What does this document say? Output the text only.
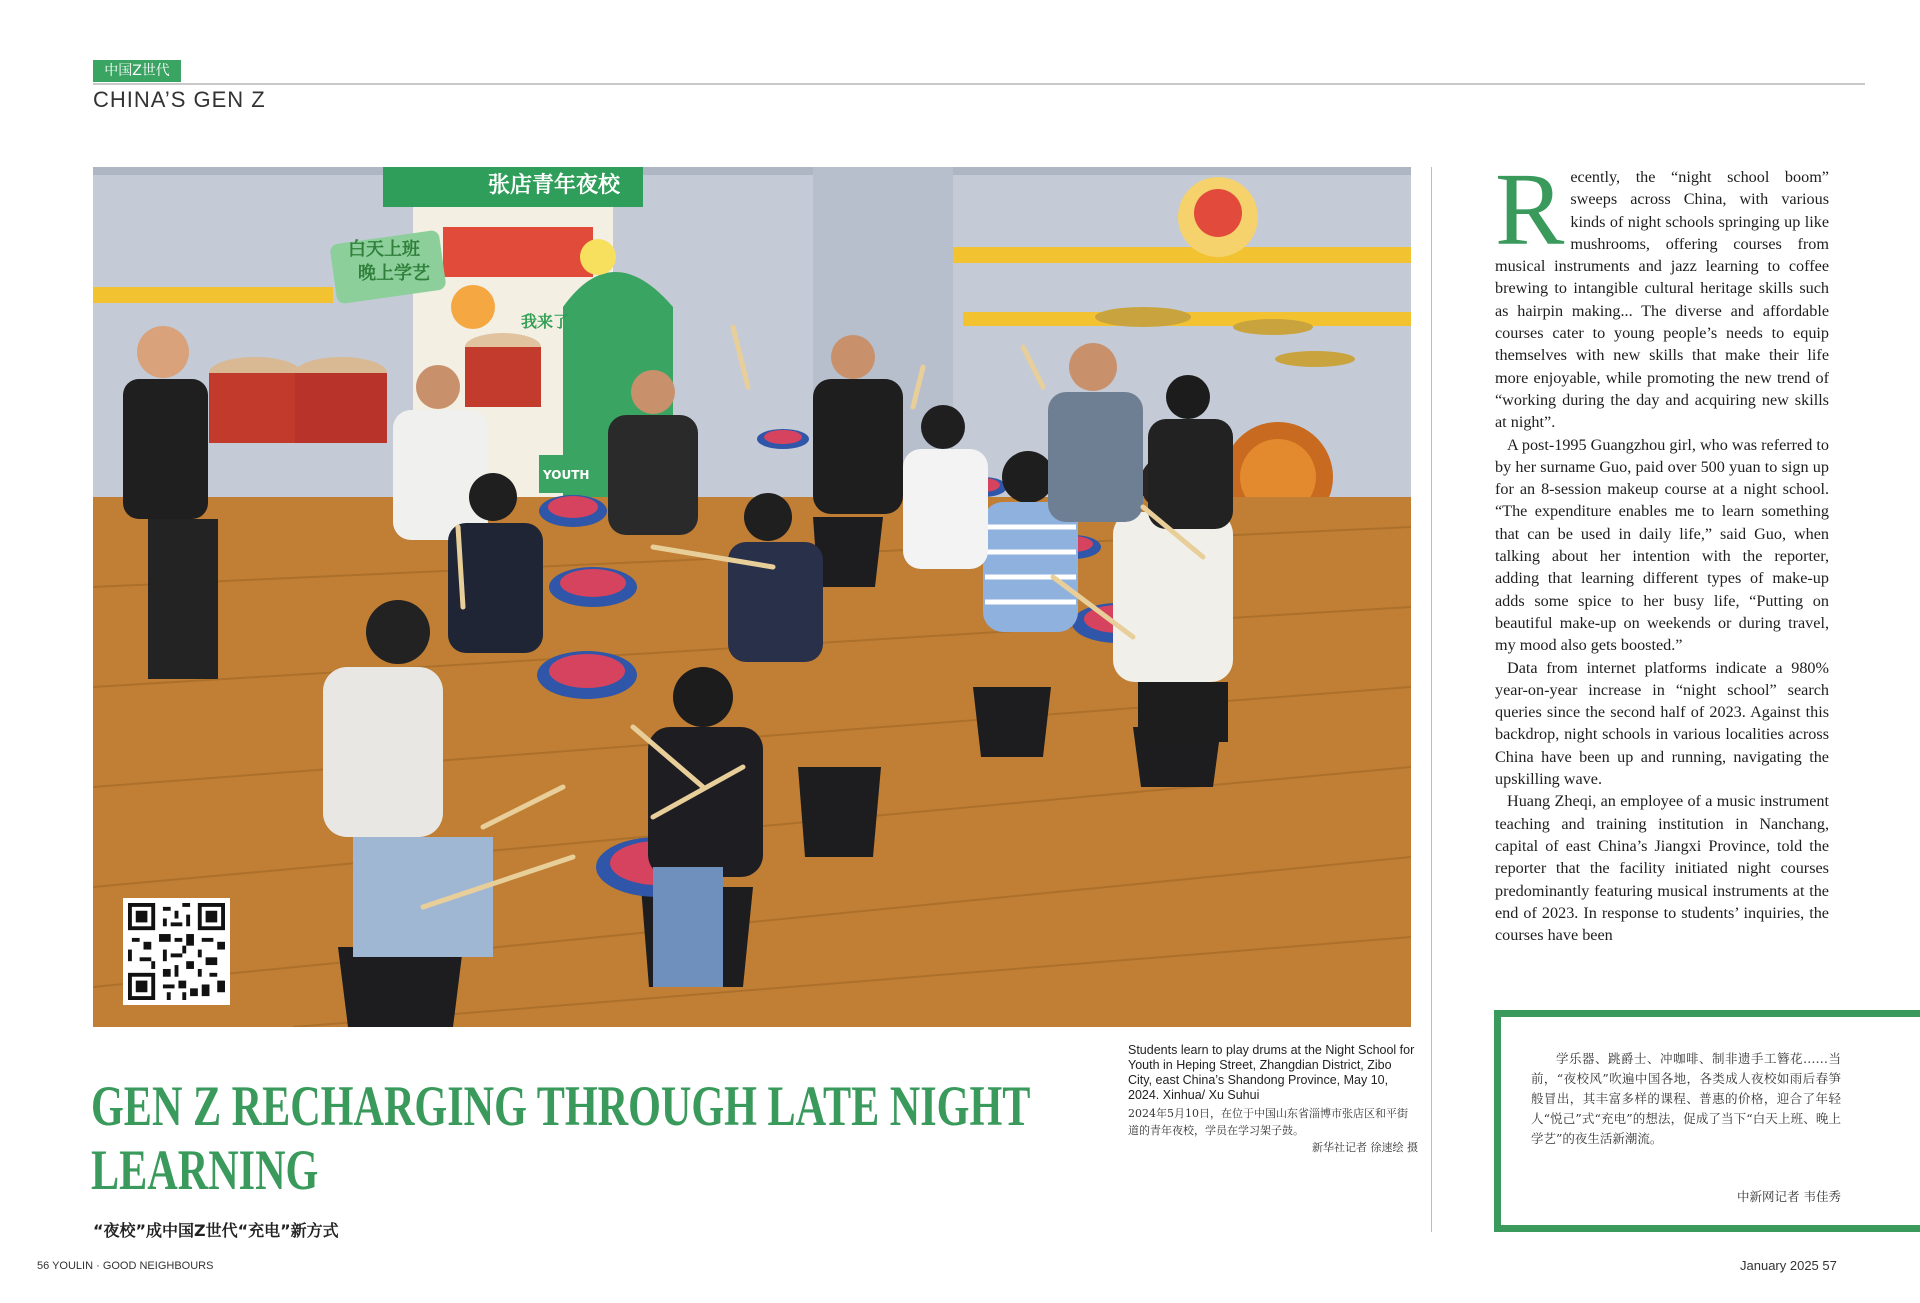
中国Z世代
CHINA’S GEN Z
张店青年夜校
白天上班
晚上学艺
我来了
YOUTH
Students learn to play drums at the Night School for Youth in Heping Street, Zhangdian District, Zibo City, east China’s Shandong Province, May 10, 2024. Xinhua/ Xu Suhui
2024年5月10日，在位于中国山东省淄博市张店区和平街道的青年夜校，学员在学习架子鼓。
新华社记者 徐速绘 摄
GEN Z RECHARGING THROUGH LATE NIGHT
LEARNING
“夜校”成中国Z世代“充电”新方式

Recently, the “night school boom” sweeps across China, with various kinds of night schools springing up like mushrooms, offering courses from musical instruments and jazz learning to coffee brewing to intangible cultural heritage skills such as hairpin making... The diverse and affordable courses cater to young people’s needs to equip themselves with new skills that make their life more enjoyable, while promoting the new trend of “working during the day and acquiring new skills at night”.

A post-1995 Guangzhou girl, who was referred to by her surname Guo, paid over 500 yuan to sign up for an 8-session makeup course at a night school. “The expenditure enables me to learn something that can be used in daily life,” said Guo, when talking about her intention with the reporter, adding that learning different types of make-up adds some spice to her busy life, “Putting on beautiful make-up on weekends or during travel, my mood also gets boosted.”

Data from internet platforms indicate a 980% year-on-year increase in “night school” search queries since the second half of 2023. Against this backdrop, night schools in various localities across China have been up and running, navigating the upskilling wave.

Huang Zheqi, an employee of a music instrument teaching and training institution in Nanchang, capital of east China’s Jiangxi Province, told the reporter that the facility initiated night courses predominantly featuring musical instruments at the end of 2023. In response to students’ inquiries, the courses have been

学乐器、跳爵士、冲咖啡、制非遗手工簪花……当前，“夜校风”吹遍中国各地，各类成人夜校如雨后春笋般冒出，其丰富多样的课程、普惠的价格，迎合了年轻人“悦己”式“充电”的想法，促成了当下“白天上班、晚上学艺”的夜生活新潮流。
中新网记者 韦佳秀
56 YOULIN · GOOD NEIGHBOURS	January 2025 57
